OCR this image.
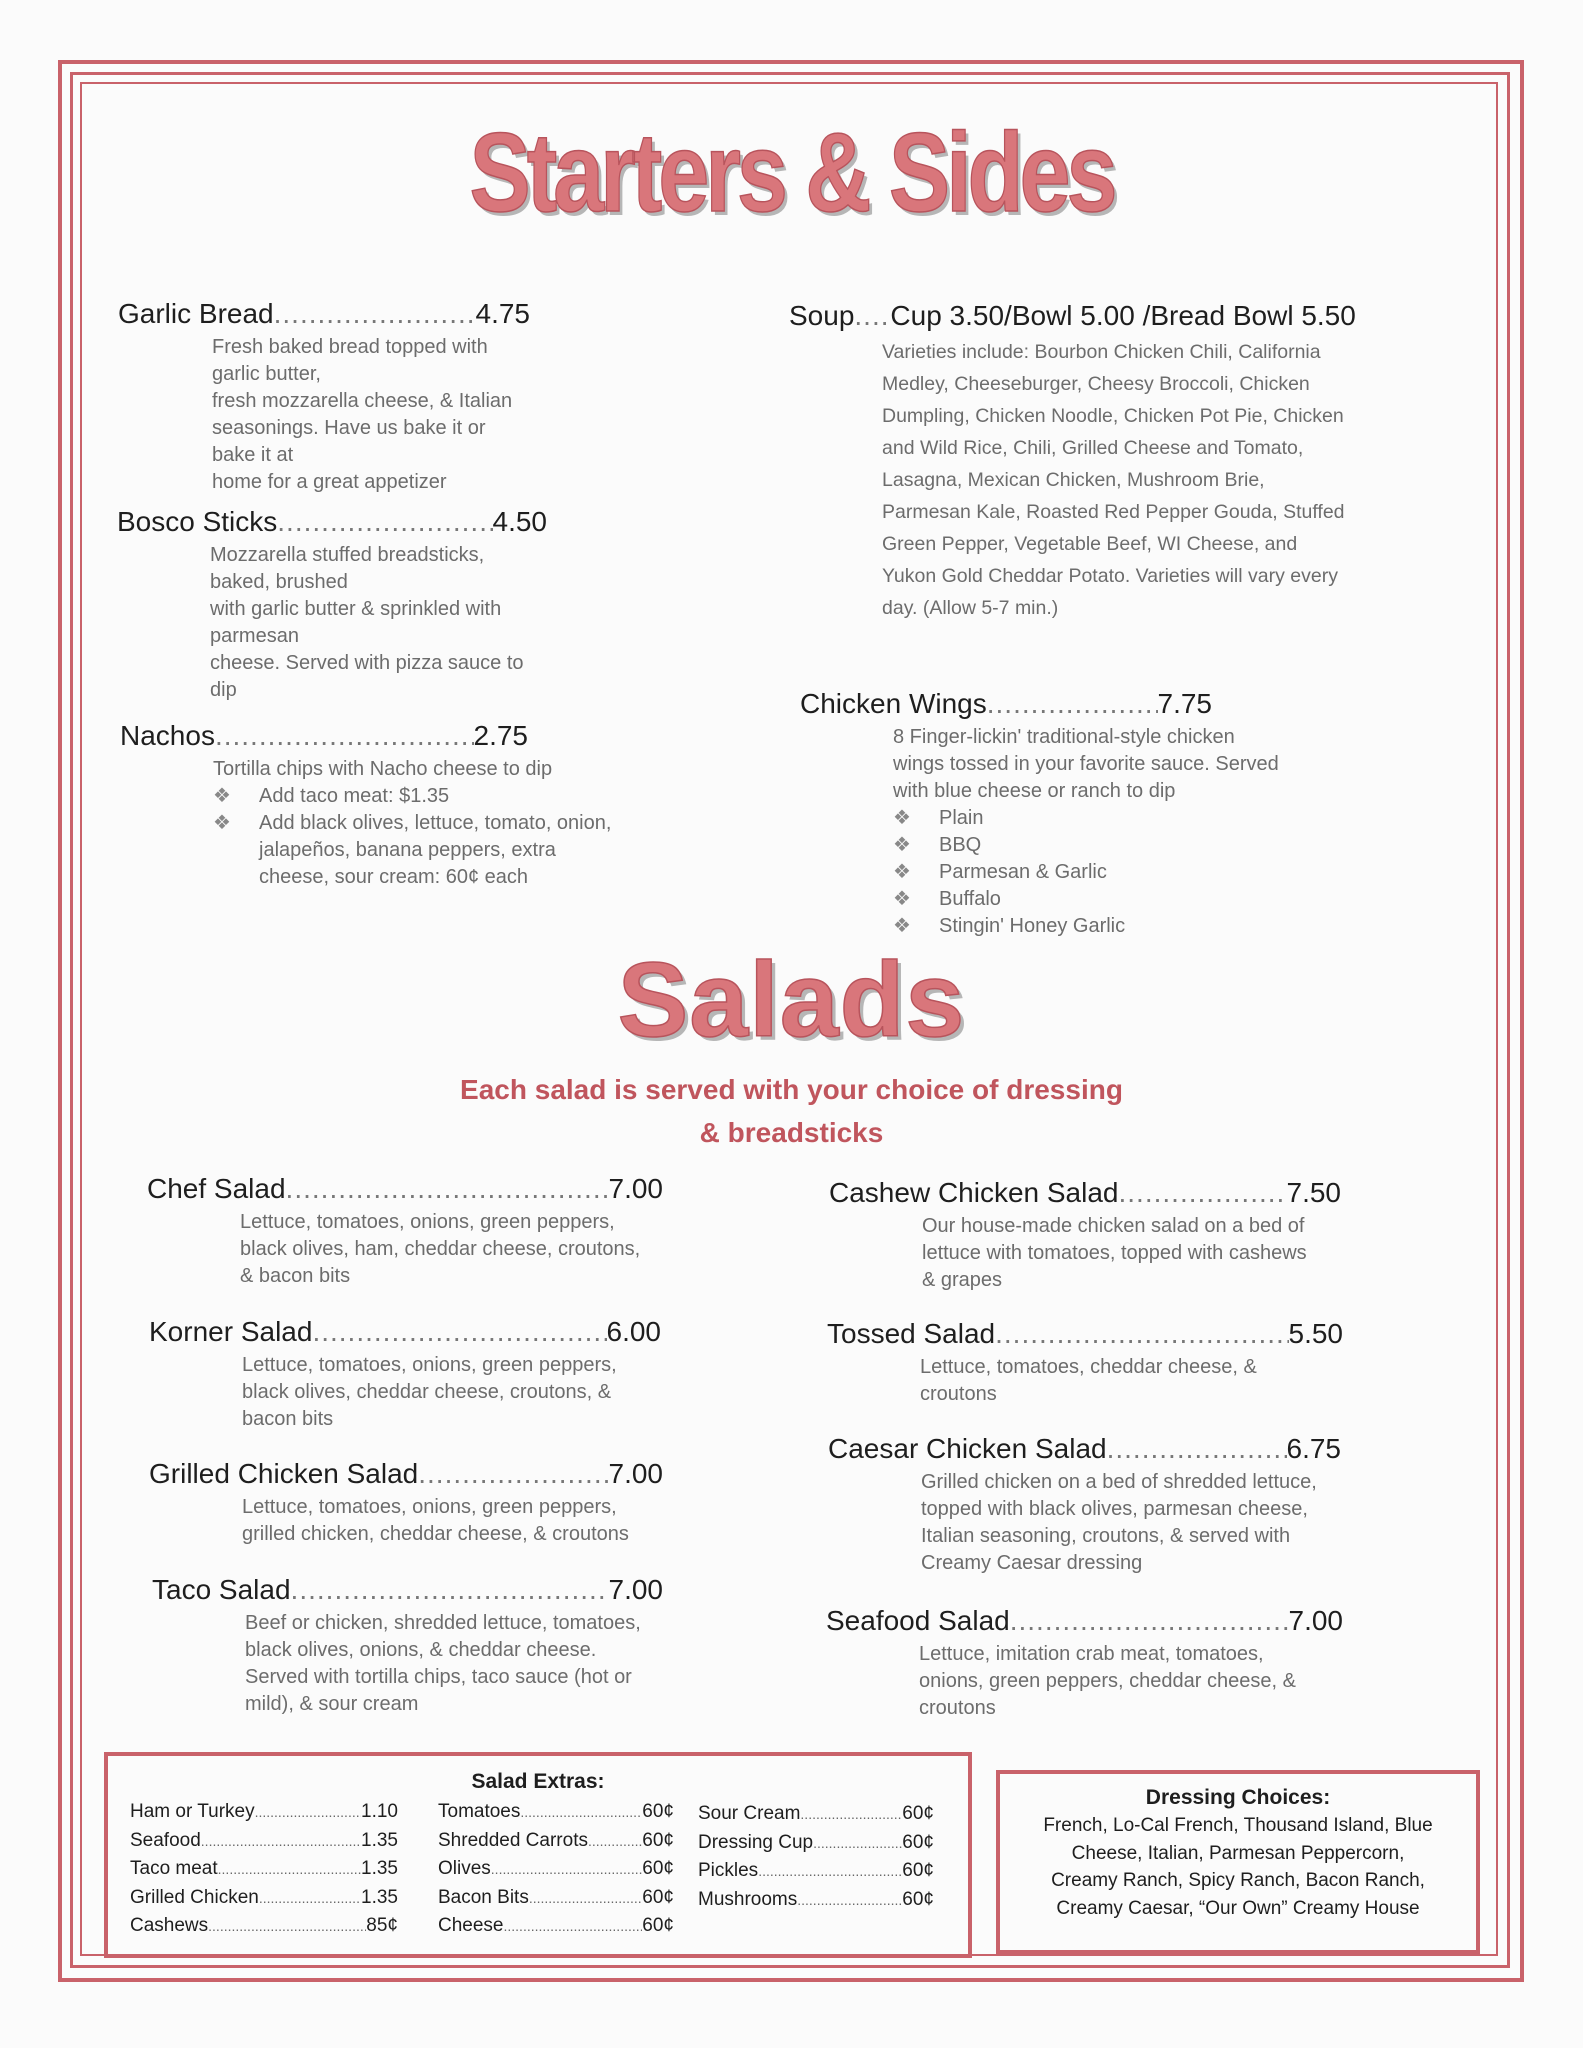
Starters & Sides
Garlic Bread .....	4.75
Fresh baked bread topped with garlic butter,
fresh mozzarella cheese, & Italian
seasonings. Have us bake it or bake it at
home for a great appetizer
Bosco Sticks .....	4.50
Mozzarella stuffed breadsticks, baked, brushed
with garlic butter & sprinkled with parmesan
cheese. Served with pizza sauce to dip
Nachos .....	2.75
Tortilla chips with Nacho cheese to dip
❖ Add taco meat: $1.35
❖ Add black olives, lettuce, tomato, onion,
jalapeños, banana peppers, extra
cheese, sour cream: 60¢ each
Soup ..... Cup 3.50/Bowl 5.00 /Bread Bowl 5.50
Varieties include: Bourbon Chicken Chili, California
Medley, Cheeseburger, Cheesy Broccoli, Chicken
Dumpling, Chicken Noodle, Chicken Pot Pie, Chicken
and Wild Rice, Chili, Grilled Cheese and Tomato,
Lasagna, Mexican Chicken, Mushroom Brie,
Parmesan Kale, Roasted Red Pepper Gouda, Stuffed
Green Pepper, Vegetable Beef, WI Cheese, and
Yukon Gold Cheddar Potato. Varieties will vary every
day. (Allow 5-7 min.)
Chicken Wings .....	7.75
8 Finger-lickin' traditional-style chicken
wings tossed in your favorite sauce. Served
with blue cheese or ranch to dip
❖ Plain
❖ BBQ
❖ Parmesan & Garlic
❖ Buffalo
❖ Stingin' Honey Garlic
Salads
Each salad is served with your choice of dressing
& breadsticks
Chef Salad .....	7.00
Lettuce, tomatoes, onions, green peppers,
black olives, ham, cheddar cheese, croutons,
& bacon bits
Korner Salad .....	6.00
Lettuce, tomatoes, onions, green peppers,
black olives, cheddar cheese, croutons, &
bacon bits
Grilled Chicken Salad .....	7.00
Lettuce, tomatoes, onions, green peppers,
grilled chicken, cheddar cheese, & croutons
Taco Salad .....	7.00
Beef or chicken, shredded lettuce, tomatoes,
black olives, onions, & cheddar cheese.
Served with tortilla chips, taco sauce (hot or
mild), & sour cream
Cashew Chicken Salad .....	7.50
Our house-made chicken salad on a bed of
lettuce with tomatoes, topped with cashews
& grapes
Tossed Salad .....	5.50
Lettuce, tomatoes, cheddar cheese, &
croutons
Caesar Chicken Salad .....	6.75
Grilled chicken on a bed of shredded lettuce,
topped with black olives, parmesan cheese,
Italian seasoning, croutons, & served with
Creamy Caesar dressing
Seafood Salad .....	7.00
Lettuce, imitation crab meat, tomatoes,
onions, green peppers, cheddar cheese, &
croutons
Salad Extras:
Ham or Turkey .....	1.10
Seafood .....	1.35
Taco meat .....	1.35
Grilled Chicken .....	1.35
Cashews .....	85¢
Tomatoes .....	60¢
Shredded Carrots .....	60¢
Olives .....	60¢
Bacon Bits .....	60¢
Cheese .....	60¢
Sour Cream .....	60¢
Dressing Cup .....	60¢
Pickles .....	60¢
Mushrooms .....	60¢
Dressing Choices:
French, Lo-Cal French, Thousand Island, Blue
Cheese, Italian, Parmesan Peppercorn,
Creamy Ranch, Spicy Ranch, Bacon Ranch,
Creamy Caesar, “Our Own” Creamy House
